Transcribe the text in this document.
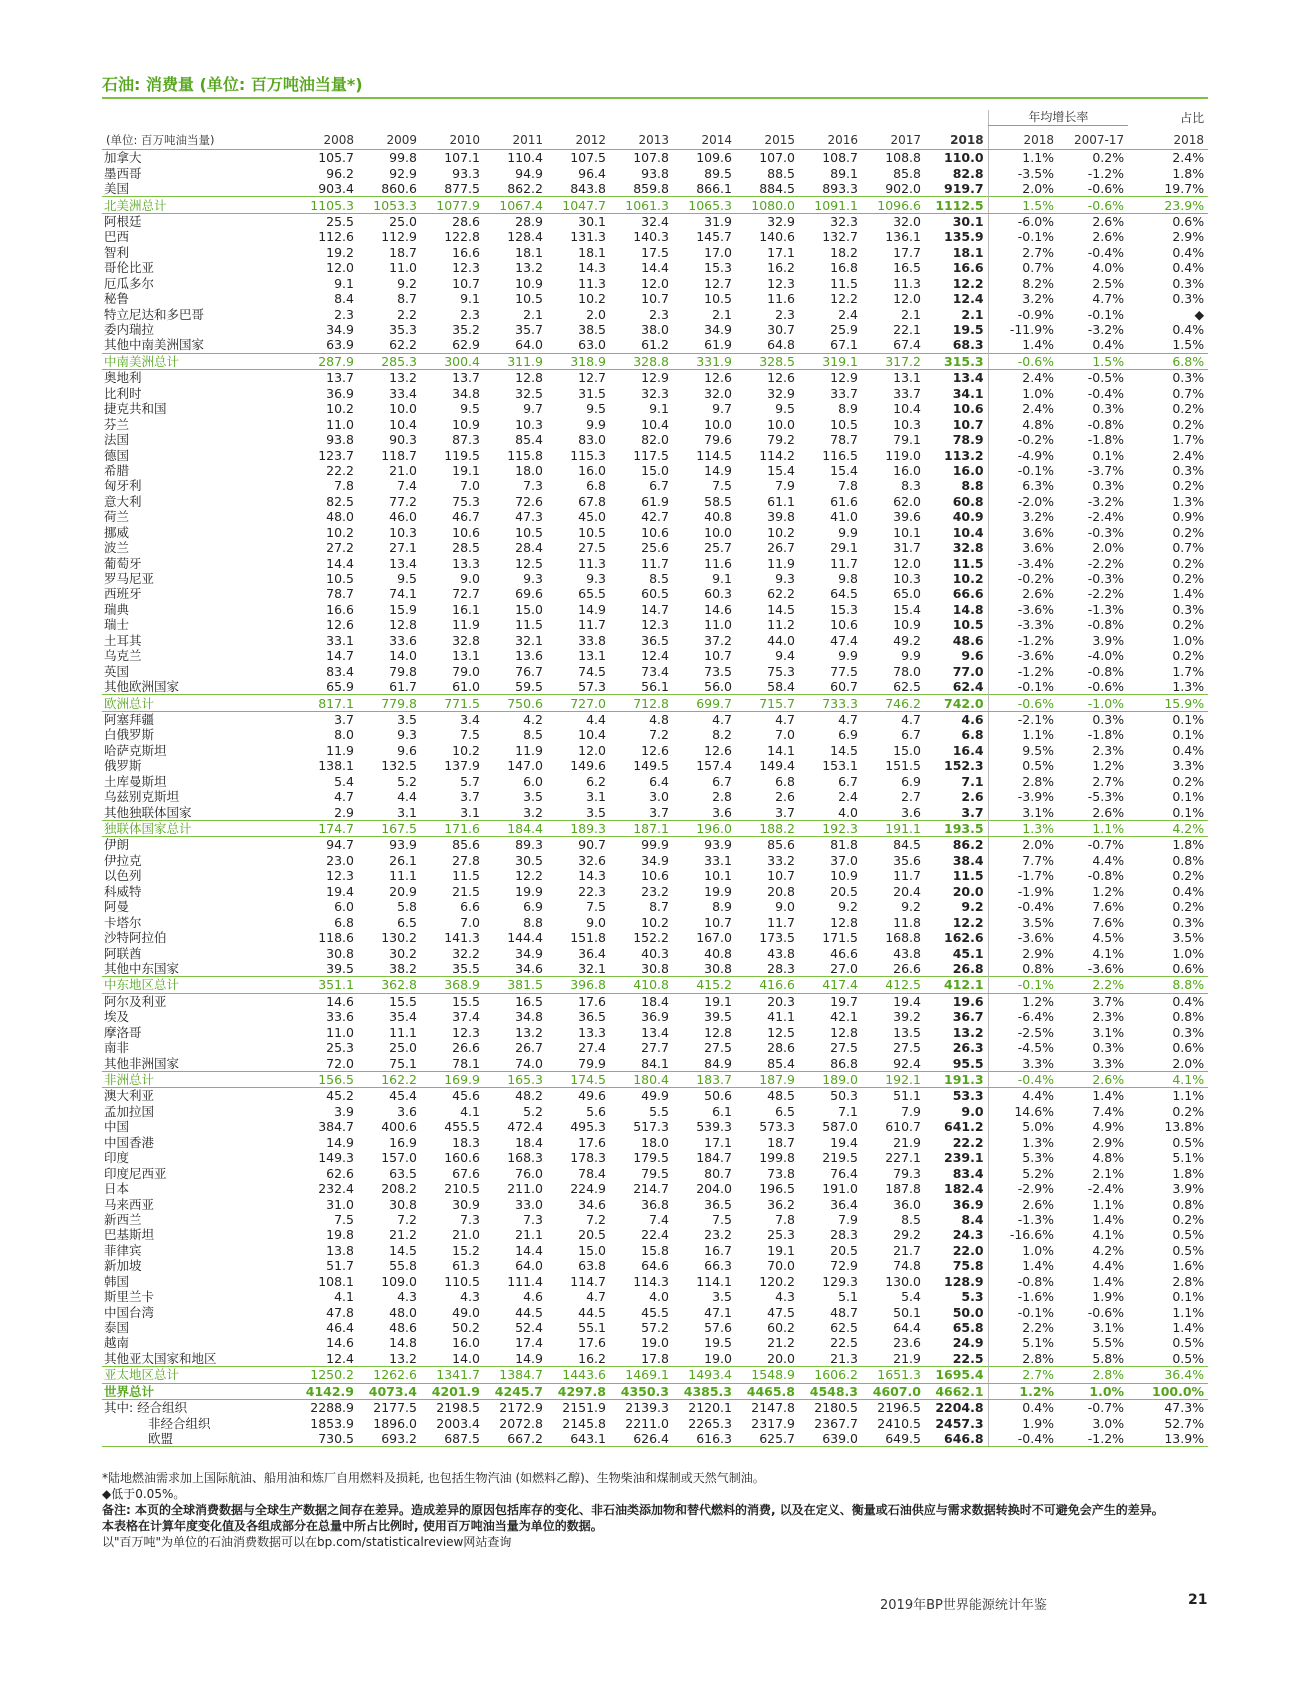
石油: 消费量 (单位: 百万吨油当量*)
												年均增长率		占比
(单位: 百万吨油当量)	2008	2009	2010	2011	2012	2013	2014	2015	2016	2017	2018	2018	2007-17	2018
加拿大	105.7	99.8	107.1	110.4	107.5	107.8	109.6	107.0	108.7	108.8	110.0	1.1%	0.2%	2.4%
墨西哥	96.2	92.9	93.3	94.9	96.4	93.8	89.5	88.5	89.1	85.8	82.8	-3.5%	-1.2%	1.8%
美国	903.4	860.6	877.5	862.2	843.8	859.8	866.1	884.5	893.3	902.0	919.7	2.0%	-0.6%	19.7%
北美洲总计	1105.3	1053.3	1077.9	1067.4	1047.7	1061.3	1065.3	1080.0	1091.1	1096.6	1112.5	1.5%	-0.6%	23.9%
阿根廷	25.5	25.0	28.6	28.9	30.1	32.4	31.9	32.9	32.3	32.0	30.1	-6.0%	2.6%	0.6%
巴西	112.6	112.9	122.8	128.4	131.3	140.3	145.7	140.6	132.7	136.1	135.9	-0.1%	2.6%	2.9%
智利	19.2	18.7	16.6	18.1	18.1	17.5	17.0	17.1	18.2	17.7	18.1	2.7%	-0.4%	0.4%
哥伦比亚	12.0	11.0	12.3	13.2	14.3	14.4	15.3	16.2	16.8	16.5	16.6	0.7%	4.0%	0.4%
厄瓜多尔	9.1	9.2	10.7	10.9	11.3	12.0	12.7	12.3	11.5	11.3	12.2	8.2%	2.5%	0.3%
秘鲁	8.4	8.7	9.1	10.5	10.2	10.7	10.5	11.6	12.2	12.0	12.4	3.2%	4.7%	0.3%
特立尼达和多巴哥	2.3	2.2	2.3	2.1	2.0	2.3	2.1	2.3	2.4	2.1	2.1	-0.9%	-0.1%	◆
委内瑞拉	34.9	35.3	35.2	35.7	38.5	38.0	34.9	30.7	25.9	22.1	19.5	-11.9%	-3.2%	0.4%
其他中南美洲国家	63.9	62.2	62.9	64.0	63.0	61.2	61.9	64.8	67.1	67.4	68.3	1.4%	0.4%	1.5%
中南美洲总计	287.9	285.3	300.4	311.9	318.9	328.8	331.9	328.5	319.1	317.2	315.3	-0.6%	1.5%	6.8%
奥地利	13.7	13.2	13.7	12.8	12.7	12.9	12.6	12.6	12.9	13.1	13.4	2.4%	-0.5%	0.3%
比利时	36.9	33.4	34.8	32.5	31.5	32.3	32.0	32.9	33.7	33.7	34.1	1.0%	-0.4%	0.7%
捷克共和国	10.2	10.0	9.5	9.7	9.5	9.1	9.7	9.5	8.9	10.4	10.6	2.4%	0.3%	0.2%
芬兰	11.0	10.4	10.9	10.3	9.9	10.4	10.0	10.0	10.5	10.3	10.7	4.8%	-0.8%	0.2%
法国	93.8	90.3	87.3	85.4	83.0	82.0	79.6	79.2	78.7	79.1	78.9	-0.2%	-1.8%	1.7%
德国	123.7	118.7	119.5	115.8	115.3	117.5	114.5	114.2	116.5	119.0	113.2	-4.9%	0.1%	2.4%
希腊	22.2	21.0	19.1	18.0	16.0	15.0	14.9	15.4	15.4	16.0	16.0	-0.1%	-3.7%	0.3%
匈牙利	7.8	7.4	7.0	7.3	6.8	6.7	7.5	7.9	7.8	8.3	8.8	6.3%	0.3%	0.2%
意大利	82.5	77.2	75.3	72.6	67.8	61.9	58.5	61.1	61.6	62.0	60.8	-2.0%	-3.2%	1.3%
荷兰	48.0	46.0	46.7	47.3	45.0	42.7	40.8	39.8	41.0	39.6	40.9	3.2%	-2.4%	0.9%
挪威	10.2	10.3	10.6	10.5	10.5	10.6	10.0	10.2	9.9	10.1	10.4	3.6%	-0.3%	0.2%
波兰	27.2	27.1	28.5	28.4	27.5	25.6	25.7	26.7	29.1	31.7	32.8	3.6%	2.0%	0.7%
葡萄牙	14.4	13.4	13.3	12.5	11.3	11.7	11.6	11.9	11.7	12.0	11.5	-3.4%	-2.2%	0.2%
罗马尼亚	10.5	9.5	9.0	9.3	9.3	8.5	9.1	9.3	9.8	10.3	10.2	-0.2%	-0.3%	0.2%
西班牙	78.7	74.1	72.7	69.6	65.5	60.5	60.3	62.2	64.5	65.0	66.6	2.6%	-2.2%	1.4%
瑞典	16.6	15.9	16.1	15.0	14.9	14.7	14.6	14.5	15.3	15.4	14.8	-3.6%	-1.3%	0.3%
瑞士	12.6	12.8	11.9	11.5	11.7	12.3	11.0	11.2	10.6	10.9	10.5	-3.3%	-0.8%	0.2%
土耳其	33.1	33.6	32.8	32.1	33.8	36.5	37.2	44.0	47.4	49.2	48.6	-1.2%	3.9%	1.0%
乌克兰	14.7	14.0	13.1	13.6	13.1	12.4	10.7	9.4	9.9	9.9	9.6	-3.6%	-4.0%	0.2%
英国	83.4	79.8	79.0	76.7	74.5	73.4	73.5	75.3	77.5	78.0	77.0	-1.2%	-0.8%	1.7%
其他欧洲国家	65.9	61.7	61.0	59.5	57.3	56.1	56.0	58.4	60.7	62.5	62.4	-0.1%	-0.6%	1.3%
欧洲总计	817.1	779.8	771.5	750.6	727.0	712.8	699.7	715.7	733.3	746.2	742.0	-0.6%	-1.0%	15.9%
阿塞拜疆	3.7	3.5	3.4	4.2	4.4	4.8	4.7	4.7	4.7	4.7	4.6	-2.1%	0.3%	0.1%
白俄罗斯	8.0	9.3	7.5	8.5	10.4	7.2	8.2	7.0	6.9	6.7	6.8	1.1%	-1.8%	0.1%
哈萨克斯坦	11.9	9.6	10.2	11.9	12.0	12.6	12.6	14.1	14.5	15.0	16.4	9.5%	2.3%	0.4%
俄罗斯	138.1	132.5	137.9	147.0	149.6	149.5	157.4	149.4	153.1	151.5	152.3	0.5%	1.2%	3.3%
土库曼斯坦	5.4	5.2	5.7	6.0	6.2	6.4	6.7	6.8	6.7	6.9	7.1	2.8%	2.7%	0.2%
乌兹别克斯坦	4.7	4.4	3.7	3.5	3.1	3.0	2.8	2.6	2.4	2.7	2.6	-3.9%	-5.3%	0.1%
其他独联体国家	2.9	3.1	3.1	3.2	3.5	3.7	3.6	3.7	4.0	3.6	3.7	3.1%	2.6%	0.1%
独联体国家总计	174.7	167.5	171.6	184.4	189.3	187.1	196.0	188.2	192.3	191.1	193.5	1.3%	1.1%	4.2%
伊朗	94.7	93.9	85.6	89.3	90.7	99.9	93.9	85.6	81.8	84.5	86.2	2.0%	-0.7%	1.8%
伊拉克	23.0	26.1	27.8	30.5	32.6	34.9	33.1	33.2	37.0	35.6	38.4	7.7%	4.4%	0.8%
以色列	12.3	11.1	11.5	12.2	14.3	10.6	10.1	10.7	10.9	11.7	11.5	-1.7%	-0.8%	0.2%
科威特	19.4	20.9	21.5	19.9	22.3	23.2	19.9	20.8	20.5	20.4	20.0	-1.9%	1.2%	0.4%
阿曼	6.0	5.8	6.6	6.9	7.5	8.7	8.9	9.0	9.2	9.2	9.2	-0.4%	7.6%	0.2%
卡塔尔	6.8	6.5	7.0	8.8	9.0	10.2	10.7	11.7	12.8	11.8	12.2	3.5%	7.6%	0.3%
沙特阿拉伯	118.6	130.2	141.3	144.4	151.8	152.2	167.0	173.5	171.5	168.8	162.6	-3.6%	4.5%	3.5%
阿联酋	30.8	30.2	32.2	34.9	36.4	40.3	40.8	43.8	46.6	43.8	45.1	2.9%	4.1%	1.0%
其他中东国家	39.5	38.2	35.5	34.6	32.1	30.8	30.8	28.3	27.0	26.6	26.8	0.8%	-3.6%	0.6%
中东地区总计	351.1	362.8	368.9	381.5	396.8	410.8	415.2	416.6	417.4	412.5	412.1	-0.1%	2.2%	8.8%
阿尔及利亚	14.6	15.5	15.5	16.5	17.6	18.4	19.1	20.3	19.7	19.4	19.6	1.2%	3.7%	0.4%
埃及	33.6	35.4	37.4	34.8	36.5	36.9	39.5	41.1	42.1	39.2	36.7	-6.4%	2.3%	0.8%
摩洛哥	11.0	11.1	12.3	13.2	13.3	13.4	12.8	12.5	12.8	13.5	13.2	-2.5%	3.1%	0.3%
南非	25.3	25.0	26.6	26.7	27.4	27.7	27.5	28.6	27.5	27.5	26.3	-4.5%	0.3%	0.6%
其他非洲国家	72.0	75.1	78.1	74.0	79.9	84.1	84.9	85.4	86.8	92.4	95.5	3.3%	3.3%	2.0%
非洲总计	156.5	162.2	169.9	165.3	174.5	180.4	183.7	187.9	189.0	192.1	191.3	-0.4%	2.6%	4.1%
澳大利亚	45.2	45.4	45.6	48.2	49.6	49.9	50.6	48.5	50.3	51.1	53.3	4.4%	1.4%	1.1%
孟加拉国	3.9	3.6	4.1	5.2	5.6	5.5	6.1	6.5	7.1	7.9	9.0	14.6%	7.4%	0.2%
中国	384.7	400.6	455.5	472.4	495.3	517.3	539.3	573.3	587.0	610.7	641.2	5.0%	4.9%	13.8%
中国香港	14.9	16.9	18.3	18.4	17.6	18.0	17.1	18.7	19.4	21.9	22.2	1.3%	2.9%	0.5%
印度	149.3	157.0	160.6	168.3	178.3	179.5	184.7	199.8	219.5	227.1	239.1	5.3%	4.8%	5.1%
印度尼西亚	62.6	63.5	67.6	76.0	78.4	79.5	80.7	73.8	76.4	79.3	83.4	5.2%	2.1%	1.8%
日本	232.4	208.2	210.5	211.0	224.9	214.7	204.0	196.5	191.0	187.8	182.4	-2.9%	-2.4%	3.9%
马来西亚	31.0	30.8	30.9	33.0	34.6	36.8	36.5	36.2	36.4	36.0	36.9	2.6%	1.1%	0.8%
新西兰	7.5	7.2	7.3	7.3	7.2	7.4	7.5	7.8	7.9	8.5	8.4	-1.3%	1.4%	0.2%
巴基斯坦	19.8	21.2	21.0	21.1	20.5	22.4	23.2	25.3	28.3	29.2	24.3	-16.6%	4.1%	0.5%
菲律宾	13.8	14.5	15.2	14.4	15.0	15.8	16.7	19.1	20.5	21.7	22.0	1.0%	4.2%	0.5%
新加坡	51.7	55.8	61.3	64.0	63.8	64.6	66.3	70.0	72.9	74.8	75.8	1.4%	4.4%	1.6%
韩国	108.1	109.0	110.5	111.4	114.7	114.3	114.1	120.2	129.3	130.0	128.9	-0.8%	1.4%	2.8%
斯里兰卡	4.1	4.3	4.3	4.6	4.7	4.0	3.5	4.3	5.1	5.4	5.3	-1.6%	1.9%	0.1%
中国台湾	47.8	48.0	49.0	44.5	44.5	45.5	47.1	47.5	48.7	50.1	50.0	-0.1%	-0.6%	1.1%
泰国	46.4	48.6	50.2	52.4	55.1	57.2	57.6	60.2	62.5	64.4	65.8	2.2%	3.1%	1.4%
越南	14.6	14.8	16.0	17.4	17.6	19.0	19.5	21.2	22.5	23.6	24.9	5.1%	5.5%	0.5%
其他亚太国家和地区	12.4	13.2	14.0	14.9	16.2	17.8	19.0	20.0	21.3	21.9	22.5	2.8%	5.8%	0.5%
亚太地区总计	1250.2	1262.6	1341.7	1384.7	1443.6	1469.1	1493.4	1548.9	1606.2	1651.3	1695.4	2.7%	2.8%	36.4%
世界总计	4142.9	4073.4	4201.9	4245.7	4297.8	4350.3	4385.3	4465.8	4548.3	4607.0	4662.1	1.2%	1.0%	100.0%
其中: 经合组织	2288.9	2177.5	2198.5	2172.9	2151.9	2139.3	2120.1	2147.8	2180.5	2196.5	2204.8	0.4%	-0.7%	47.3%
非经合组织	1853.9	1896.0	2003.4	2072.8	2145.8	2211.0	2265.3	2317.9	2367.7	2410.5	2457.3	1.9%	3.0%	52.7%
欧盟	730.5	693.2	687.5	667.2	643.1	626.4	616.3	625.7	639.0	649.5	646.8	-0.4%	-1.2%	13.9%
*陆地燃油需求加上国际航油、船用油和炼厂自用燃料及损耗, 也包括生物汽油 (如燃料乙醇)、生物柴油和煤制或天然气制油。
◆低于0.05%。
备注: 本页的全球消费数据与全球生产数据之间存在差异。造成差异的原因包括库存的变化、非石油类添加物和替代燃料的消费, 以及在定义、衡量或石油供应与需求数据转换时不可避免会产生的差异。
本表格在计算年度变化值及各组成部分在总量中所占比例时, 使用百万吨油当量为单位的数据。
以"百万吨"为单位的石油消费数据可以在bp.com/statisticalreview网站查询
2019年BP世界能源统计年鉴	21
